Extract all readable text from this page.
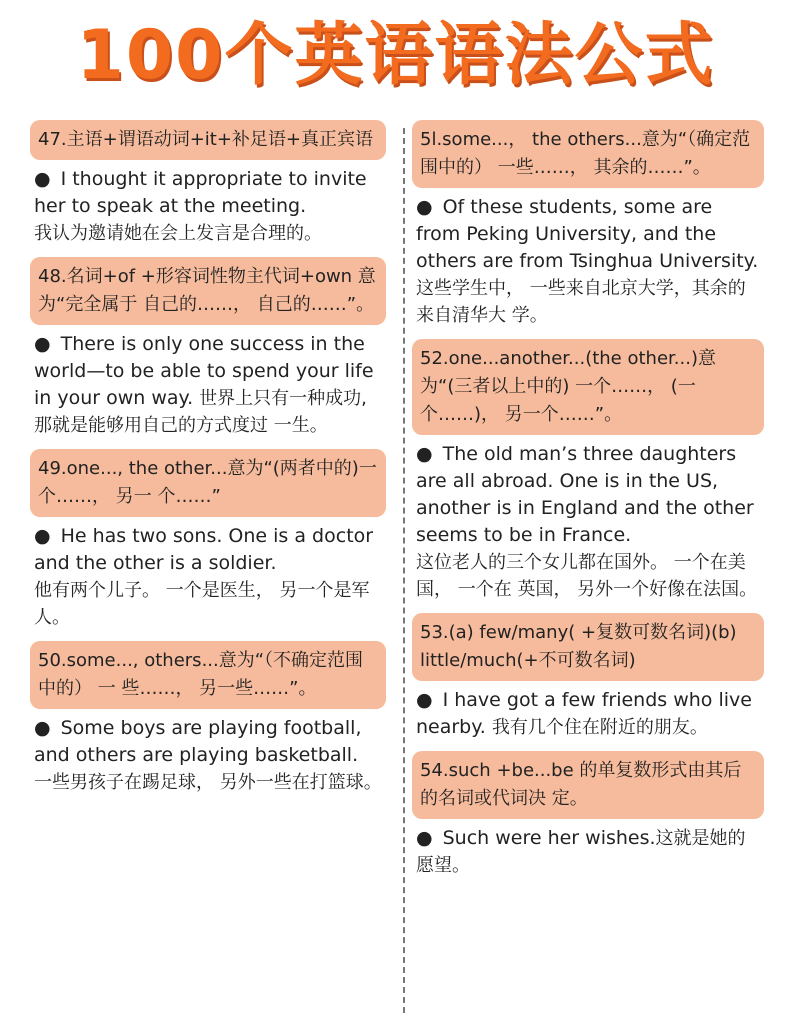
100个英语语法公式
47.主语+谓语动词+it+补足语+真正宾语
● I thought it appropriate to invite her to speak at the meeting.
我认为邀请她在会上发言是合理的。
48.名词+of +形容词性物主代词+own 意为“完全属于 自己的……， 自己的……”。
● There is only one success in the world—to be able to spend your life in your own way. 世界上只有一种成功,那就是能够用自己的方式度过 一生。
49.one..., the other...意为“(两者中的)一个……， 另一 个……”
● He has two sons. One is a doctor and the other is a soldier.
他有两个儿子。 一个是医生， 另一个是军人。
50.some..., others...意为“（不确定范围中的） 一 些……， 另一些……”。
● Some boys are playing football, and others are playing basketball.
一些男孩子在踢足球， 另外一些在打篮球。
5l.some...， the others...意为“（确定范围中的） 一些……， 其余的……”。
● Of these students, some are from Peking University, and the others are from Tsinghua University.
这些学生中， 一些来自北京大学，其余的来自清华大 学。
52.one...another...(the other...)意为“(三者以上中的) 一个……， (一个……)， 另一个……”。
● The old man’s three daughters are all abroad. One is in the US, another is in England and the other seems to be in France.
这位老人的三个女儿都在国外。 一个在美国， 一个在 英国， 另外一个好像在法国。
53.(a) few/many( +复数可数名词)(b) little/much(+不可数名词)
● I have got a few friends who live nearby. 我有几个住在附近的朋友。
54.such +be...be 的单复数形式由其后的名词或代词决 定。
● Such were her wishes.这就是她的愿望。
